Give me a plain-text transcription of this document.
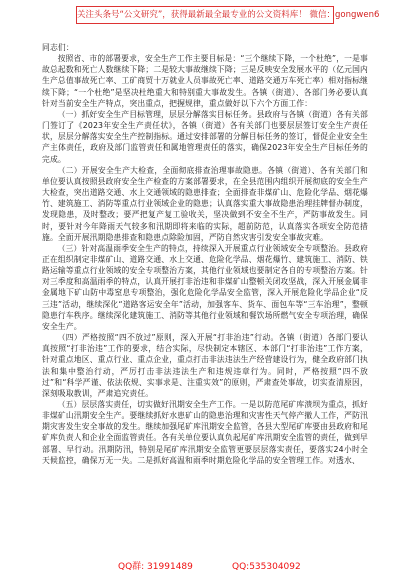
关注头条号“公文研究”，获得最新最全最专业的公文资料库！ 微信：gongwen6

同志们：

按照省、市的部署要求，安全生产工作主要目标是：“三个继续下降，一个杜绝”，一是事故总起数和死亡人数继续下降；二是较大事故继续下降；三是反映安全发展水平的（亿元国内生产总值事故死亡率、工矿商贸十万就业人员事故死亡率、道路交通万车死亡率）相对指标继续下降；“一个杜绝”是坚决杜绝重大和特别重大事故发生。各镇（街道）、各部门务必要认真针对当前安全生产特点，突出重点，把握规律，重点做好以下六个方面工作：

（一）抓好安全生产目标管理，层层分解落实目标任务。县政府与各镇（街道）各有关部门签订了《2023年安全生产责任状》，各镇（街道）各有关部门也要层层签订安全生产责任状，层层分解落实安全生产控制指标。通过安排部署的分解目标任务的签订，督促企业安全生产主体责任，政府及部门监管责任和属地管理责任的落实，确保2023年安全生产目标任务的完成。

（二）开展安全生产大检查，全面彻底排查治理事故隐患。各镇（街道）、各有关部门和单位要认真按照县政府安全生产检查的方案部署要求，在全县范围内组织开展彻底的安全生产大检查，突出道路交通、水上交通领域的隐患排查；全面排查非煤矿山、危险化学品、烟花爆竹、建筑施工、消防等重点行业领域企业的隐患；认真落实重大事故隐患治理挂牌督办制度，发现隐患，及时整改；要严把复产复工验收关，坚决做到不安全不生产，严防事故发生。同时，要针对今年降雨天气较多和汛期即将来临的实际，超前防范，认真落实各项安全防范措施。全面开展汛期隐患排查和隐患点除险加固，严防自然灾害引发安全事故灾难。

（三）针对高温雨季安全生产的特点，持续深入开展重点行业领域安全专项整治。县政府正在组织制定非煤矿山、道路交通、水上交通、危险化学品、烟花爆竹、建筑施工、消防、铁路运输等重点行业领域的安全专项整治方案，其他行业领域也要制定各自的专项整治方案。针对三季度和高温雨季的特点，认真开展打非治违和非煤矿山整顿关闭攻坚战，深入开展金属非金属地下矿山防中毒窒息专项整治，强化危险化学品安全监管，深入开展危险化学品企业“反三违”活动，继续深化“道路客运安全年”活动，加强客车、货车、面包车等“三车治理”，整顿隐患行车秩序。继续深化建筑施工、消防等其他行业领域和餐饮场所燃气安全专项治理，确保安全生产。

（四）严格按照“四不放过”原则，深入开展“打非治违”行动。各镇（街道）各部门要认真按照“打非治违”工作的要求，结合实际，尽快制定本辖区、本部门“打非治违”工作方案，针对重点地区、重点行业、重点企业，重点打击非法违法生产经营建设行为，健全政府部门执法和集中整治行动，严厉打击非法违法生产和违规违章行为。同时，严格按照“四不放过”和“科学严谨、依法依规、实事求是、注重实效”的原则，严肃查处事故，切实查清原因，深刻吸取教训，严肃追究责任。

（五）层层落实责任，切实做好汛期安全生产工作。一是以防范尾矿库溃坝为重点，抓好非煤矿山汛期安全生产。要继续抓好水患矿山的隐患治理和灾害性天气停产撤人工作，严防汛期灾害发生安全事故的发生。继续加强尾矿库汛期安全监管，各县大型尾矿库要由县政府和尾矿库负责人和企业全面监管责任。各有关单位要认真负起尾矿库汛期安全监管的责任，做到早部署、早行动。汛期防汛，特别是尾矿库汛期安全监管更要层层落实责任，要落实24小时全天候监控，确保万无一失。二是抓好高温和雨季时期危险化学品的安全管理工作。对透水、

QQ群: 31991489	QQ:535304092
